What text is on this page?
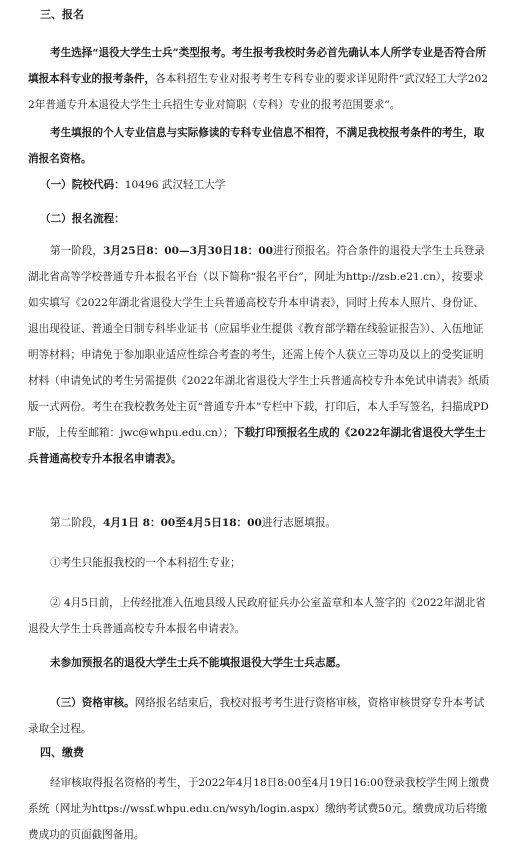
三、报名

考生选择“退役大学生士兵”类型报考。考生报考我校时务必首先确认本人所学专业是否符合所填报本科专业的报考条件，各本科招生专业对报考考生专科专业的要求详见附件“武汉轻工大学2022年普通专升本退役大学生士兵招生专业对简职（专科）专业的报考范围要求”。

考生填报的个人专业信息与实际修读的专科专业信息不相符，不满足我校报考条件的考生，取消报名资格。

（一）院校代码：10496 武汉轻工大学

（二）报名流程：

第一阶段，3月25日8：00—3月30日18：00进行预报名。符合条件的退役大学生士兵登录湖北省高等学校普通专升本报名平台（以下简称“报名平台”，网址为http://zsb.e21.cn），按要求如实填写《2022年湖北省退役大学生士兵普通高校专升本申请表》，同时上传本人照片、身份证、退出现役证、普通全日制专科毕业证书（应届毕业生提供《教育部学籍在线验证报告》）、入伍地证明等材料；申请免于参加职业适应性综合考查的考生，还需上传个人获立三等功及以上的受奖证明材料（申请免试的考生另需提供《2022年湖北省退役大学生士兵普通高校专升本免试申请表》纸质版一式两份。考生在我校教务处主页“普通专升本”专栏中下载，打印后，本人手写签名，扫描成PDF版，上传至邮箱：jwc@whpu.edu.cn）；下载打印预报名生成的《2022年湖北省退役大学生士兵普通高校专升本报名申请表》。

第二阶段，4月1日 8：00至4月5日18：00进行志愿填报。

①考生只能报我校的一个本科招生专业；

② 4月5日前，上传经批准入伍地县级人民政府征兵办公室盖章和本人签字的《2022年湖北省退役大学生士兵普通高校专升本报名申请表》。

未参加预报名的退役大学生士兵不能填报退役大学生士兵志愿。

（三）资格审核。网络报名结束后，我校对报考考生进行资格审核，资格审核贯穿专升本考试录取全过程。

四、缴费

经审核取得报名资格的考生，于2022年4月18日8:00至4月19日16:00登录我校学生网上缴费系统（网址为https://wssf.whpu.edu.cn/wsyh/login.aspx）缴纳考试费50元。缴费成功后将缴费成功的页面截图备用。
